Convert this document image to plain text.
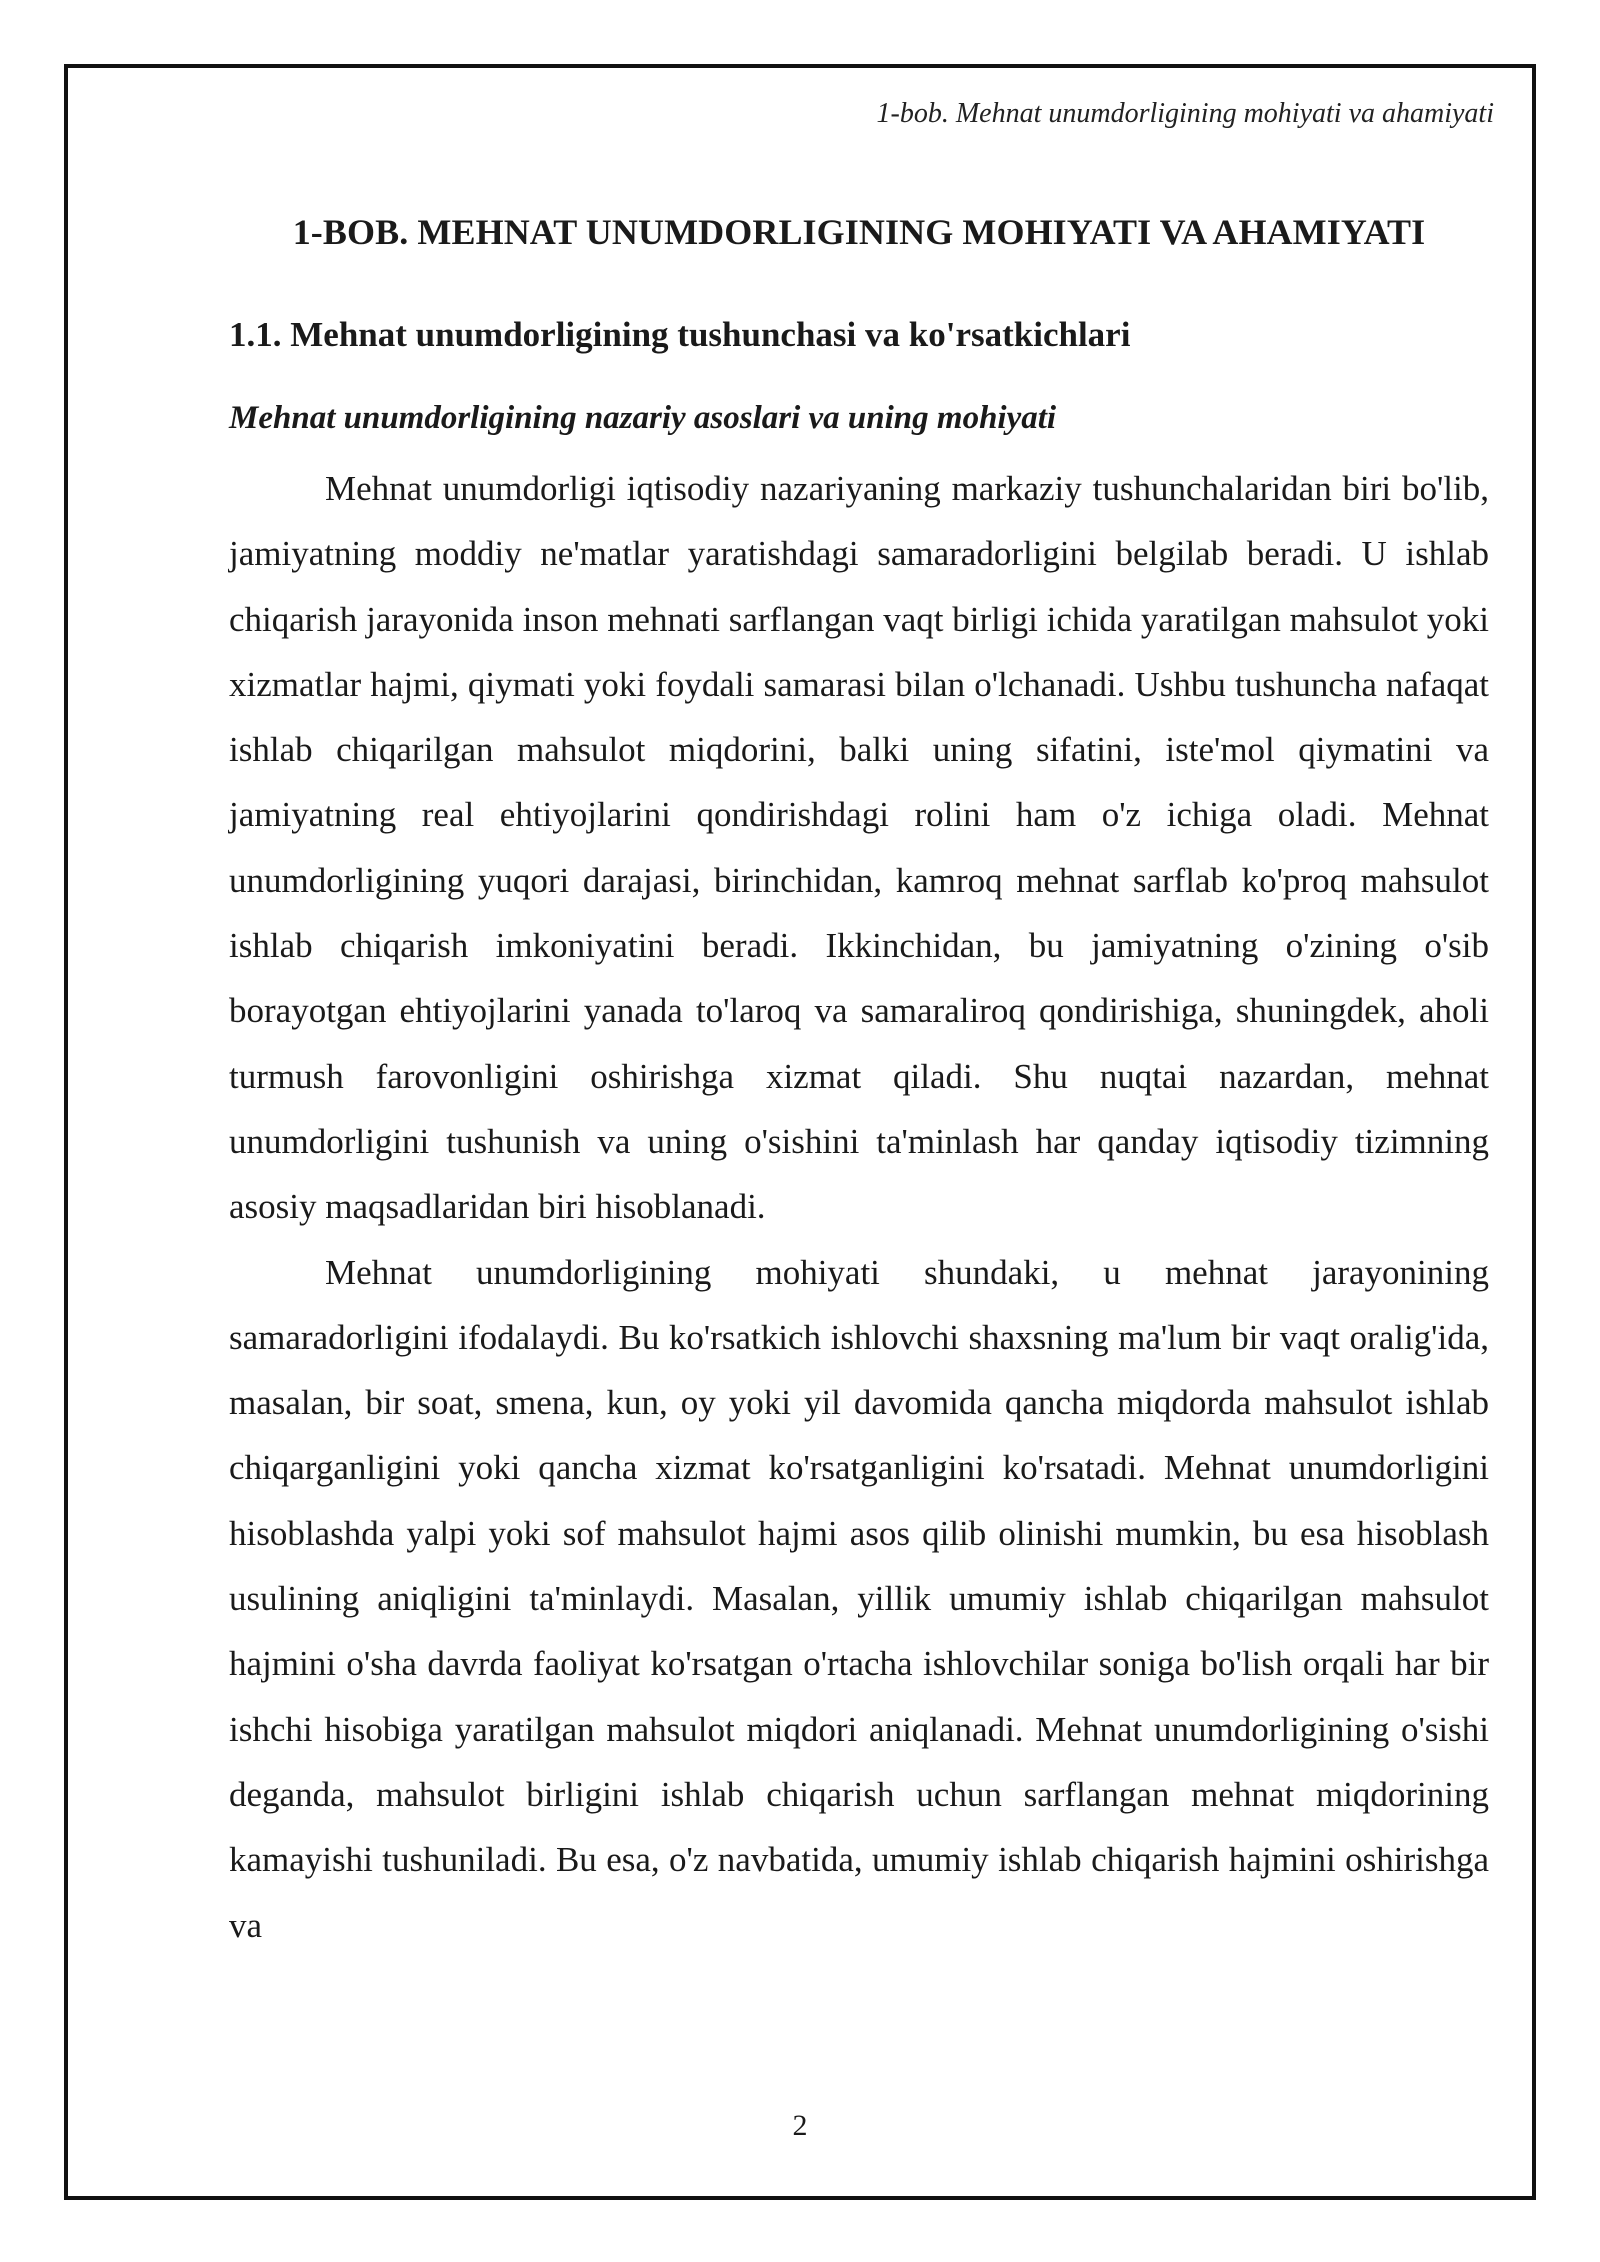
1-bob. Mehnat unumdorligining mohiyati va ahamiyati
1-BOB. MEHNAT UNUMDORLIGINING MOHIYATI VA AHAMIYATI
1.1. Mehnat unumdorligining tushunchasi va ko'rsatkichlari
Mehnat unumdorligining nazariy asoslari va uning mohiyati

Mehnat unumdorligi iqtisodiy nazariyaning markaziy tushunchalaridan biri bo'lib, jamiyatning moddiy ne'matlar yaratishdagi samaradorligini belgilab beradi. U ishlab chiqarish jarayonida inson mehnati sarflangan vaqt birligi ichida yaratilgan mahsulot yoki xizmatlar hajmi, qiymati yoki foydali samarasi bilan o'lchanadi. Ushbu tushuncha nafaqat ishlab chiqarilgan mahsulot miqdorini, balki uning sifatini, iste'mol qiymatini va jamiyatning real ehtiyojlarini qondirishdagi rolini ham o'z ichiga oladi. Mehnat unumdorligining yuqori darajasi, birinchidan, kamroq mehnat sarflab ko'proq mahsulot ishlab chiqarish imkoniyatini beradi. Ikkinchidan, bu jamiyatning o'zining o'sib borayotgan ehtiyojlarini yanada to'laroq va samaraliroq qondirishiga, shuningdek, aholi turmush farovonligini oshirishga xizmat qiladi. Shu nuqtai nazardan, mehnat unumdorligini tushunish va uning o'sishini ta'minlash har qanday iqtisodiy tizimning asosiy maqsadlaridan biri hisoblanadi.

Mehnat unumdorligining mohiyati shundaki, u mehnat jarayonining samaradorligini ifodalaydi. Bu ko'rsatkich ishlovchi shaxsning ma'lum bir vaqt oralig'ida, masalan, bir soat, smena, kun, oy yoki yil davomida qancha miqdorda mahsulot ishlab chiqarganligini yoki qancha xizmat ko'rsatganligini ko'rsatadi. Mehnat unumdorligini hisoblashda yalpi yoki sof mahsulot hajmi asos qilib olinishi mumkin, bu esa hisoblash usulining aniqligini ta'minlaydi. Masalan, yillik umumiy ishlab chiqarilgan mahsulot hajmini o'sha davrda faoliyat ko'rsatgan o'rtacha ishlovchilar soniga bo'lish orqali har bir ishchi hisobiga yaratilgan mahsulot miqdori aniqlanadi. Mehnat unumdorligining o'sishi deganda, mahsulot birligini ishlab chiqarish uchun sarflangan mehnat miqdorining kamayishi tushuniladi. Bu esa, o'z navbatida, umumiy ishlab chiqarish hajmini oshirishga va

2
